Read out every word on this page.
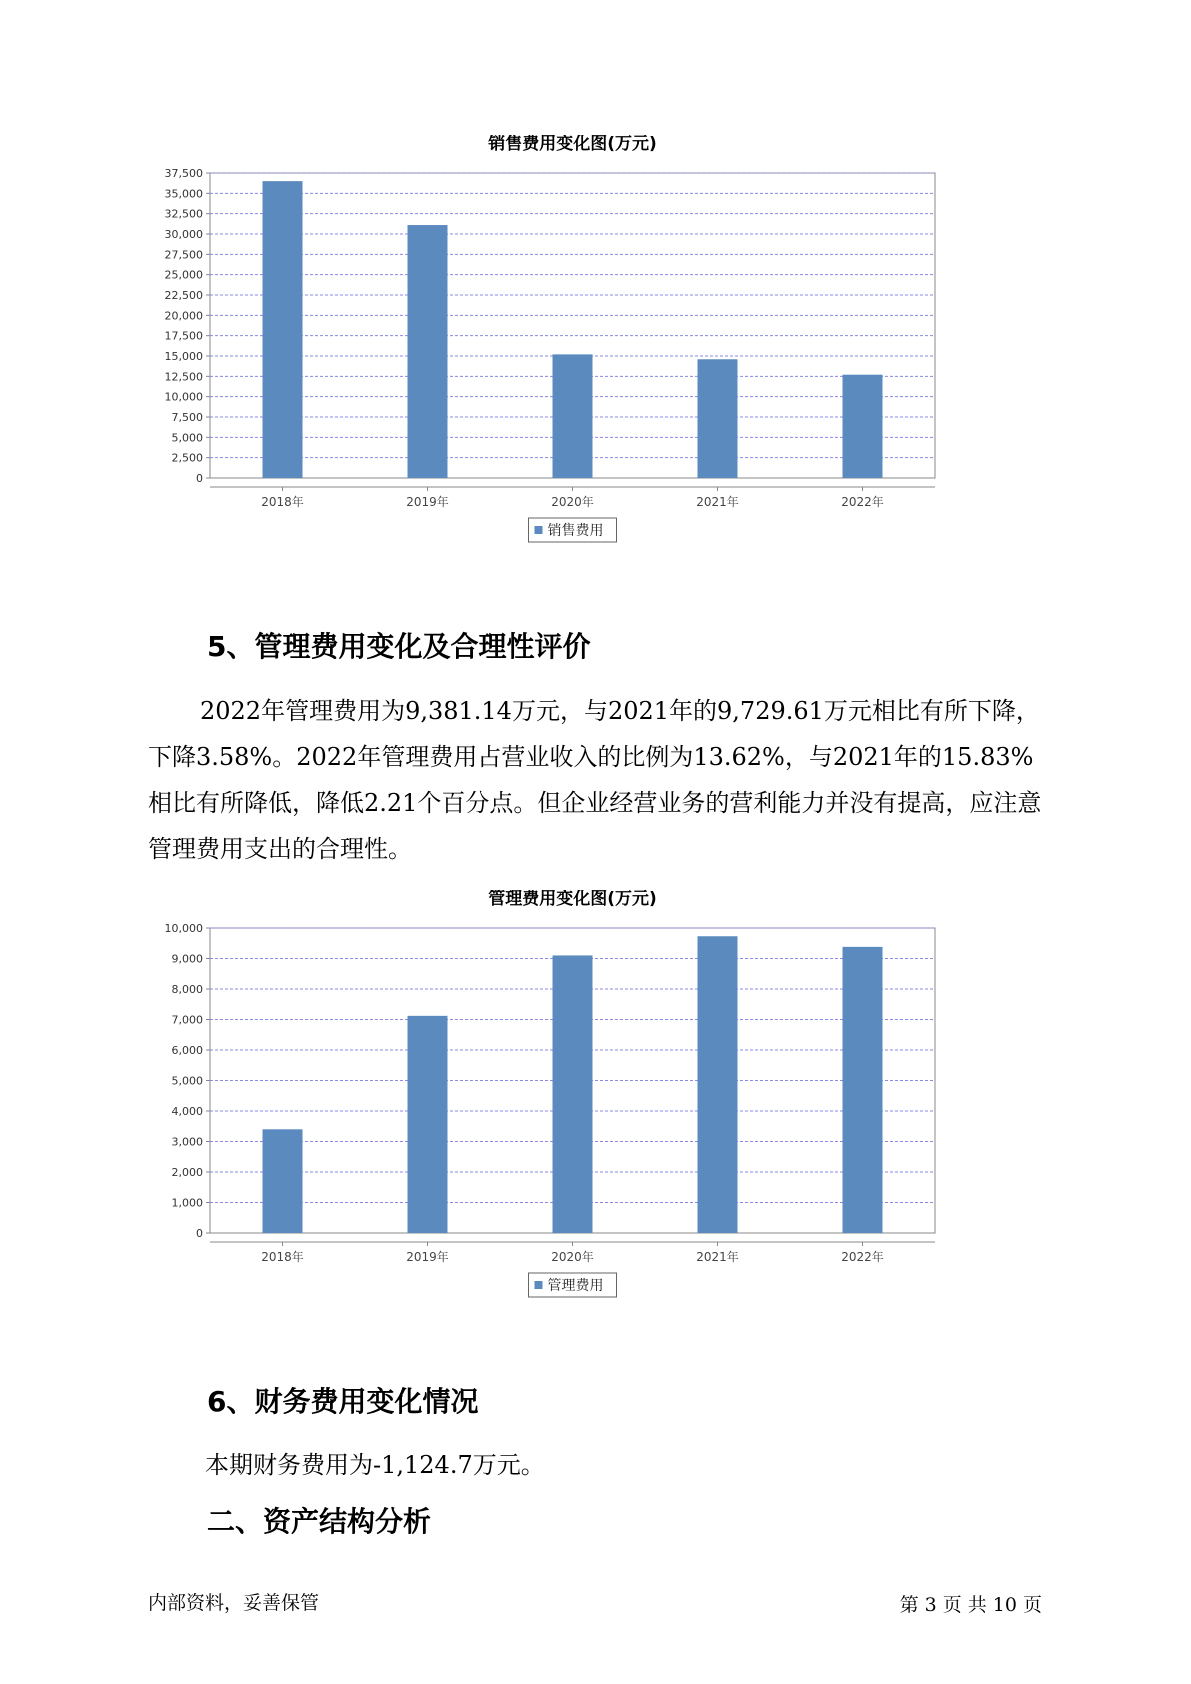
销售费用变化图(万元)
0
2,500
5,000
7,500
10,000
12,500
15,000
17,500
20,000
22,500
25,000
27,500
30,000
32,500
35,000
37,500
2018年	2019年	2020年	2021年	2022年
销售费用
5、管理费用变化及合理性评价
2022年管理费用为9,381.14万元，与2021年的9,729.61万元相比有所下降，下降3.58%。2022年管理费用占营业收入的比例为13.62%，与2021年的15.83%相比有所降低，降低2.21个百分点。但企业经营业务的营利能力并没有提高，应注意管理费用支出的合理性。
管理费用变化图(万元)
0
1,000
2,000
3,000
4,000
5,000
6,000
7,000
8,000
9,000
10,000
2018年	2019年	2020年	2021年	2022年
管理费用
6、财务费用变化情况
本期财务费用为-1,124.7万元。
二、资产结构分析
内部资料，妥善保管	第 3 页 共 10 页
